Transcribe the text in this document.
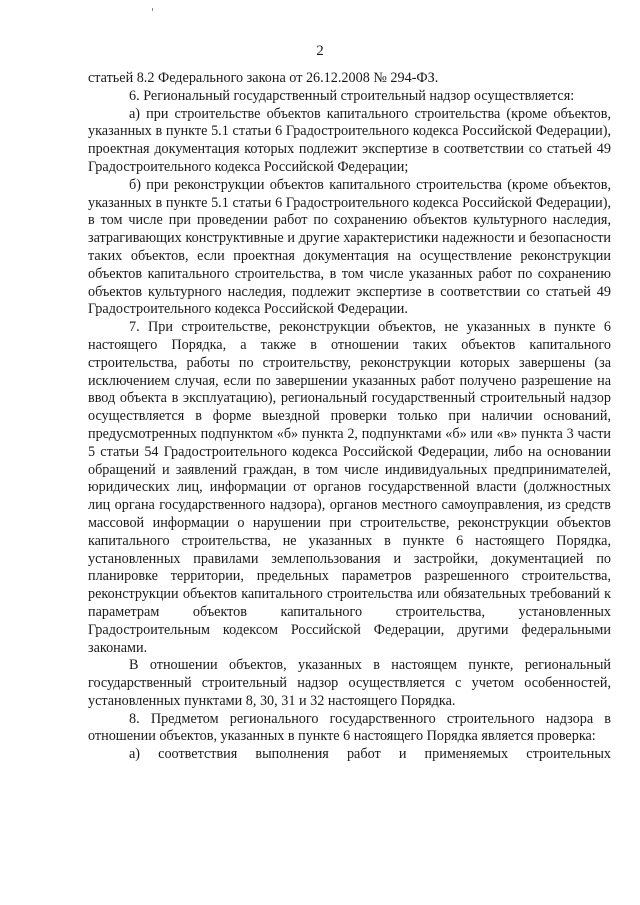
2

статьей 8.2 Федерального закона от 26.12.2008 № 294-ФЗ.

6. Региональный государственный строительный надзор осуществляется:

а) при строительстве объектов капитального строительства (кроме объектов, указанных в пункте 5.1 статьи 6 Градостроительного кодекса Российской Федерации), проектная документация которых подлежит экспертизе в соответствии со статьей 49 Градостроительного кодекса Российской Федерации;

б) при реконструкции объектов капитального строительства (кроме объектов, указанных в пункте 5.1 статьи 6 Градостроительного кодекса Российской Федерации), в том числе при проведении работ по сохранению объектов культурного наследия, затрагивающих конструктивные и другие характеристики надежности и безопасности таких объектов, если проектная документация на осуществление реконструкции объектов капитального строительства, в том числе указанных работ по сохранению объектов культурного наследия, подлежит экспертизе в соответствии со статьей 49 Градостроительного кодекса Российской Федерации.

7. При строительстве, реконструкции объектов, не указанных в пункте 6 настоящего Порядка, а также в отношении таких объектов капитального строительства, работы по строительству, реконструкции которых завершены (за исключением случая, если по завершении указанных работ получено разрешение на ввод объекта в эксплуатацию), региональный государственный строительный надзор осуществляется в форме выездной проверки только при наличии оснований, предусмотренных подпунктом «б» пункта 2, подпунктами «б» или «в» пункта 3 части 5 статьи 54 Градостроительного кодекса Российской Федерации, либо на основании обращений и заявлений граждан, в том числе индивидуальных предпринимателей, юридических лиц, информации от органов государственной власти (должностных лиц органа государственного надзора), органов местного самоуправления, из средств массовой информации о нарушении при строительстве, реконструкции объектов капитального строительства, не указанных в пункте 6 настоящего Порядка, установленных правилами землепользования и застройки, документацией по планировке территории, предельных параметров разрешенного строительства, реконструкции объектов капитального строительства или обязательных требований к параметрам объектов капитального строительства, установленных Градостроительным кодексом Российской Федерации, другими федеральными законами.

В отношении объектов, указанных в настоящем пункте, региональный государственный строительный надзор осуществляется с учетом особенностей, установленных пунктами 8, 30, 31 и 32 настоящего Порядка.

8. Предметом регионального государственного строительного надзора в отношении объектов, указанных в пункте 6 настоящего Порядка является проверка:

а) соответствия выполнения работ и применяемых строительных
